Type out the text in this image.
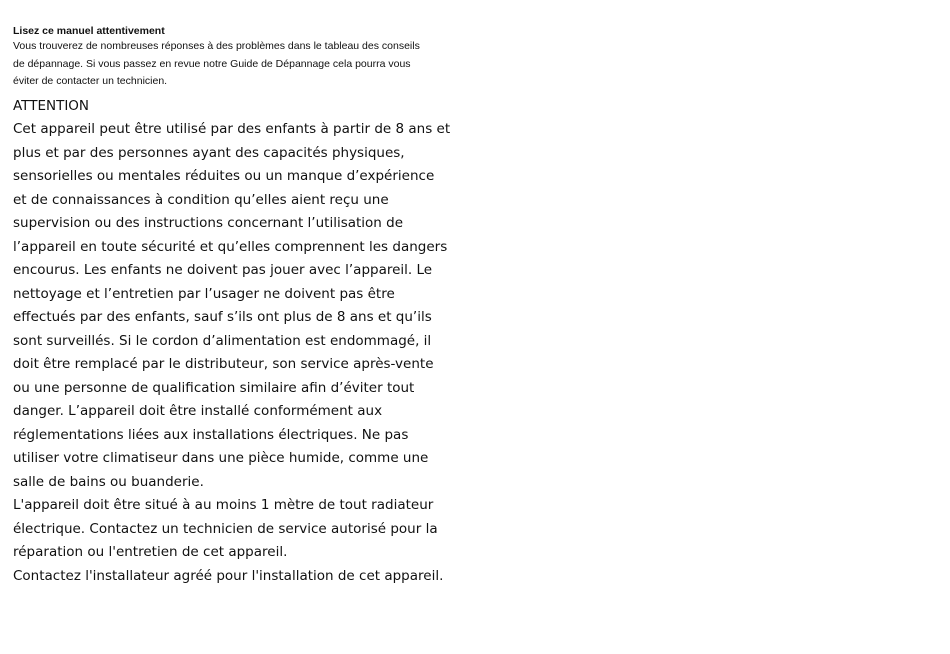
Lisez ce manuel attentivement

Vous trouverez de nombreuses réponses à des problèmes dans le tableau des conseils
de dépannage. Si vous passez en revue notre Guide de Dépannage cela pourra vous
éviter de contacter un technicien.

ATTENTION

Cet appareil peut être utilisé par des enfants à partir de 8 ans et
plus et par des personnes ayant des capacités physiques,
sensorielles ou mentales réduites ou un manque d’expérience
et de connaissances à condition qu’elles aient reçu une
supervision ou des instructions concernant l’utilisation de
l’appareil en toute sécurité et qu’elles comprennent les dangers
encourus. Les enfants ne doivent pas jouer avec l’appareil. Le
nettoyage et l’entretien par l’usager ne doivent pas être
effectués par des enfants, sauf s’ils ont plus de 8 ans et qu’ils
sont surveillés. Si le cordon d’alimentation est endommagé, il
doit être remplacé par le distributeur, son service après-vente
ou une personne de qualification similaire afin d’éviter tout
danger. L’appareil doit être installé conformément aux
réglementations liées aux installations électriques. Ne pas
utiliser votre climatiseur dans une pièce humide, comme une
salle de bains ou buanderie.
L'appareil doit être situé à au moins 1 mètre de tout radiateur
électrique. Contactez un technicien de service autorisé pour la
réparation ou l'entretien de cet appareil.
Contactez l'installateur agréé pour l'installation de cet appareil.
